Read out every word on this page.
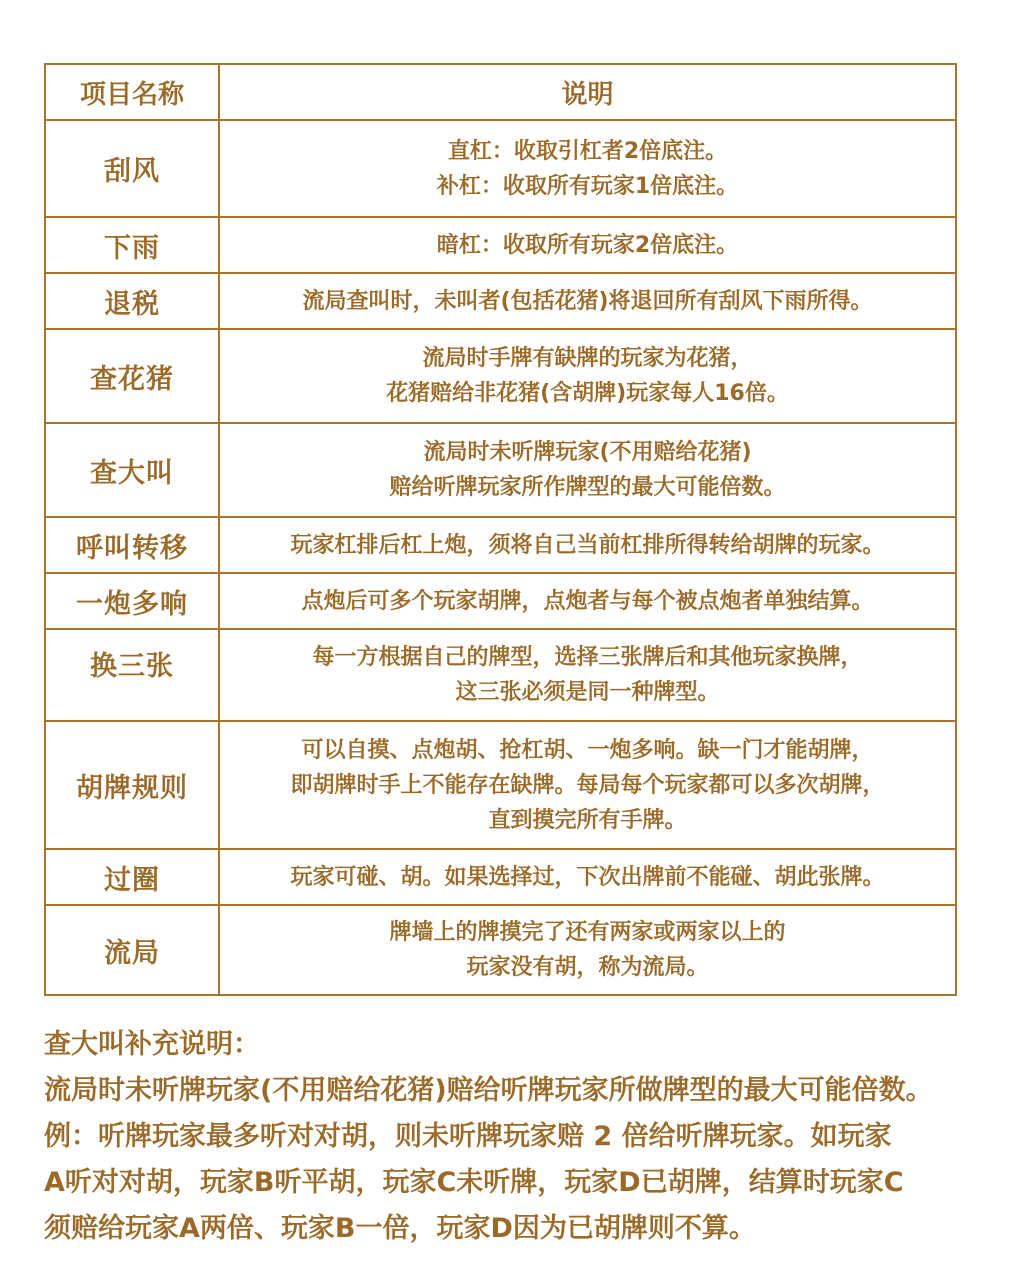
项目名称	说明
刮风	直杠：收取引杠者2倍底注。
补杠：收取所有玩家1倍底注。

下雨	暗杠：收取所有玩家2倍底注。

退税	流局查叫时，未叫者(包括花猪)将退回所有刮风下雨所得。

查花猪	流局时手牌有缺牌的玩家为花猪，
花猪赔给非花猪(含胡牌)玩家每人16倍。

查大叫	流局时未听牌玩家(不用赔给花猪)
赔给听牌玩家所作牌型的最大可能倍数。

呼叫转移	玩家杠排后杠上炮，须将自己当前杠排所得转给胡牌的玩家。

一炮多响	点炮后可多个玩家胡牌，点炮者与每个被点炮者单独结算。

换三张	每一方根据自己的牌型，选择三张牌后和其他玩家换牌，
这三张必须是同一种牌型。

胡牌规则	可以自摸、点炮胡、抢杠胡、一炮多响。缺一门才能胡牌，
即胡牌时手上不能存在缺牌。每局每个玩家都可以多次胡牌，
直到摸完所有手牌。

过圈	玩家可碰、胡。如果选择过，下次出牌前不能碰、胡此张牌。

流局	牌墙上的牌摸完了还有两家或两家以上的
玩家没有胡，称为流局。

查大叫补充说明：

流局时未听牌玩家(不用赔给花猪)赔给听牌玩家所做牌型的最大可能倍数。

例：听牌玩家最多听对对胡，则未听牌玩家赔 2 倍给听牌玩家。如玩家

A听对对胡，玩家B听平胡，玩家C未听牌，玩家D已胡牌，结算时玩家C

须赔给玩家A两倍、玩家B一倍，玩家D因为已胡牌则不算。
